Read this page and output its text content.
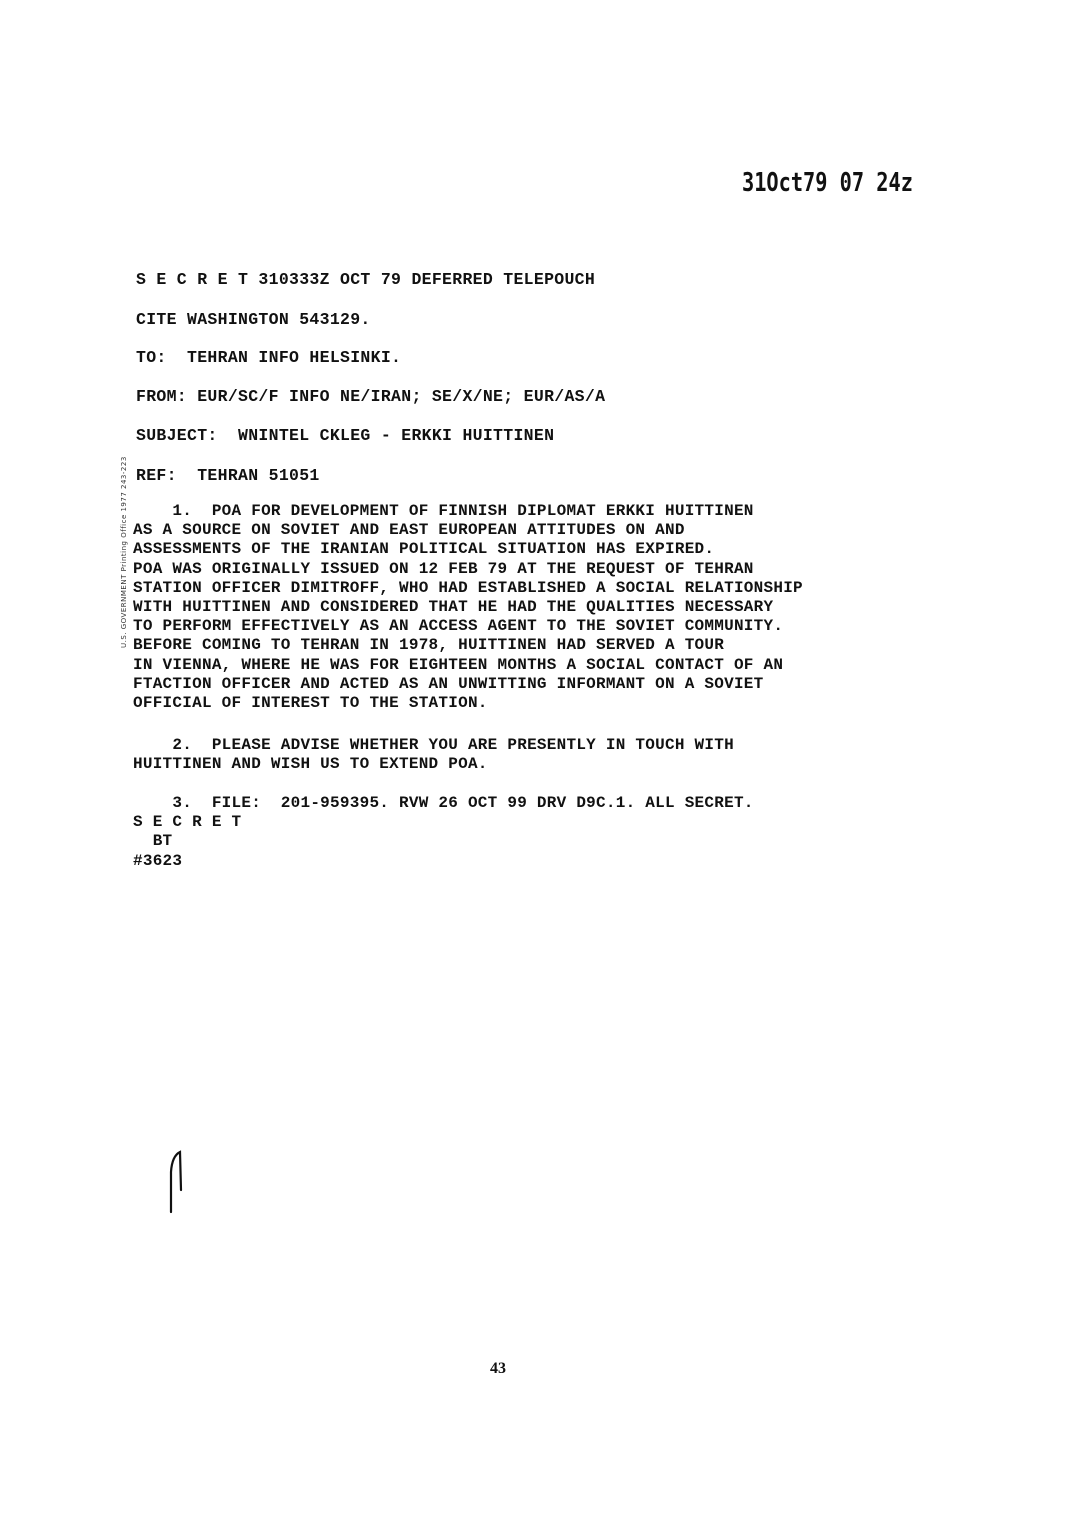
31Oct79 07 24z
S E C R E T 310333Z OCT 79 DEFERRED TELEPOUCH
CITE WASHINGTON 543129.
TO:  TEHRAN INFO HELSINKI.
FROM: EUR/SC/F INFO NE/IRAN; SE/X/NE; EUR/AS/A
SUBJECT:  WNINTEL CKLEG - ERKKI HUITTINEN
REF:  TEHRAN 51051
U.S. GOVERNMENT Printing Office 1977 243-223	1.  POA FOR DEVELOPMENT OF FINNISH DIPLOMAT ERKKI HUITTINEN
AS A SOURCE ON SOVIET AND EAST EUROPEAN ATTITUDES ON AND
ASSESSMENTS OF THE IRANIAN POLITICAL SITUATION HAS EXPIRED.
POA WAS ORIGINALLY ISSUED ON 12 FEB 79 AT THE REQUEST OF TEHRAN
STATION OFFICER DIMITROFF, WHO HAD ESTABLISHED A SOCIAL RELATIONSHIP
WITH HUITTINEN AND CONSIDERED THAT HE HAD THE QUALITIES NECESSARY
TO PERFORM EFFECTIVELY AS AN ACCESS AGENT TO THE SOVIET COMMUNITY.
BEFORE COMING TO TEHRAN IN 1978, HUITTINEN HAD SERVED A TOUR
IN VIENNA, WHERE HE WAS FOR EIGHTEEN MONTHS A SOCIAL CONTACT OF AN
FTACTION OFFICER AND ACTED AS AN UNWITTING INFORMANT ON A SOVIET
OFFICIAL OF INTEREST TO THE STATION.
2.  PLEASE ADVISE WHETHER YOU ARE PRESENTLY IN TOUCH WITH
HUITTINEN AND WISH US TO EXTEND POA.
3.  FILE:  201-959395. RVW 26 OCT 99 DRV D9C.1. ALL SECRET.
S E C R E T
BT
#3623
43
